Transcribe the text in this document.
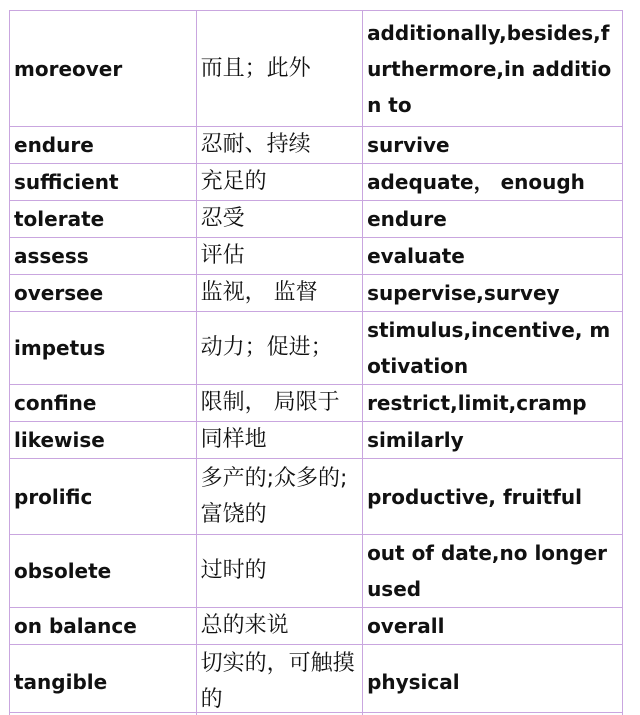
moreover	而且；此外	additionally,besides,furthermore,in addition to
endure	忍耐、持续	survive
sufficient	充足的	adequate， enough
tolerate	忍受	endure
assess	评估	evaluate
oversee	监视， 监督	supervise,survey
impetus	动力；促进；	stimulus,incentive, motivation
confine	限制， 局限于	restrict,limit,cramp
likewise	同样地	similarly
prolific	多产的;众多的;富饶的	productive, fruitful
obsolete	过时的	out of date,no longer used
on balance	总的来说	overall
tangible	切实的，可触摸的	physical
